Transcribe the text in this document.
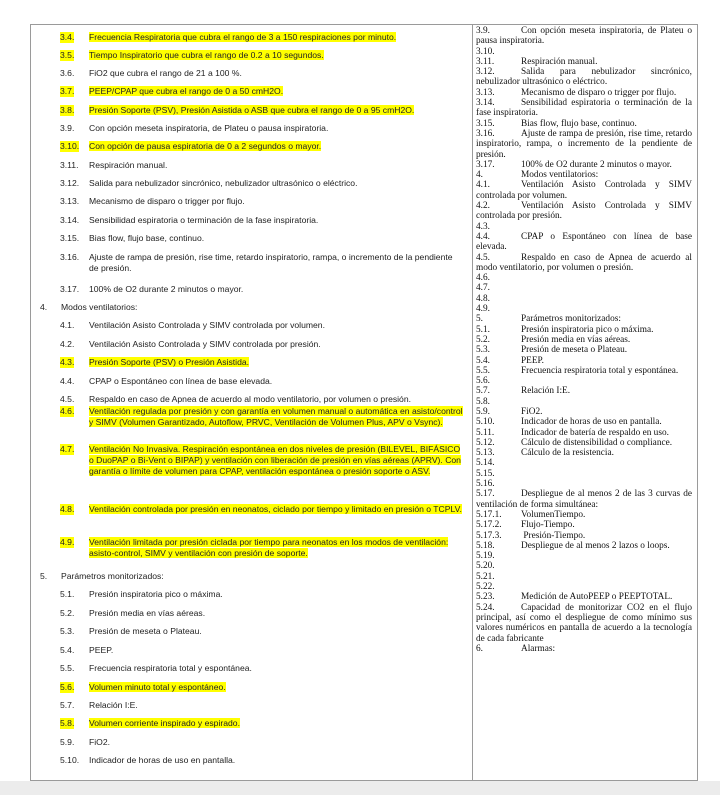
3.4. Frecuencia Respiratoria que cubra el rango de 3 a 150 respiraciones por minuto.
3.5. Tiempo Inspiratorio que cubra el rango de 0.2 a 10 segundos.
3.6. FiO2 que cubra el rango de 21 a 100 %.
3.7. PEEP/CPAP que cubra el rango de 0 a 50 cmH2O.
3.8. Presión Soporte (PSV), Presión Asistida o ASB que cubra el rango de 0 a 95 cmH2O.
3.9. Con opción meseta inspiratoria, de Plateu o pausa inspiratoria.
3.10. Con opción de pausa espiratoria de 0 a 2 segundos o mayor.
3.11. Respiración manual.
3.12. Salida para nebulizador sincrónico, nebulizador ultrasónico o eléctrico.
3.13. Mecanismo de disparo o trigger por flujo.
3.14. Sensibilidad espiratoria o terminación de la fase inspiratoria.
3.15. Bias flow, flujo base, continuo.
3.16. Ajuste de rampa de presión, rise time, retardo inspiratorio, rampa, o incremento de la pendiente de presión.
3.17. 100% de O2 durante 2 minutos o mayor.
4. Modos ventilatorios:
4.1. Ventilación Asisto Controlada y SIMV controlada por volumen.
4.2. Ventilación Asisto Controlada y SIMV controlada por presión.
4.3. Presión Soporte (PSV) o Presión Asistida.
4.4. CPAP o Espontáneo con línea de base elevada.
4.5. Respaldo en caso de Apnea de acuerdo al modo ventilatorio, por volumen o presión.
4.6. Ventilación regulada por presión y con garantía en volumen manual o automática en asisto/control y SIMV (Volumen Garantizado, Autoflow, PRVC, Ventilación de Volumen Plus, APV o Vsync).
4.7. Ventilación No Invasiva. Respiración espontánea en dos niveles de presión (BILEVEL, BIFÁSICO o DuoPAP o Bi-Vent o BIPAP) y ventilación con liberación de presión en vías aéreas (APRV). Con garantía o límite de volumen para CPAP, ventilación espontánea o presión soporte o ASV.
4.8. Ventilación controlada por presión en neonatos, ciclado por tiempo y limitado en presión o TCPLV.
4.9. Ventilación limitada por presión ciclada por tiempo para neonatos en los modos de ventilación: asisto-control, SIMV y ventilación con presión de soporte.
5. Parámetros monitorizados:
5.1. Presión inspiratoria pico o máxima.
5.2. Presión media en vías aéreas.
5.3. Presión de meseta o Plateau.
5.4. PEEP.
5.5. Frecuencia respiratoria total y espontánea.
5.6. Volumen minuto total y espontáneo.
5.7. Relación I:E.
5.8. Volumen corriente inspirado y espirado.
5.9. FiO2.
5.10. Indicador de horas de uso en pantalla.
3.9.	Con opción meseta inspiratoria, de Plateu o pausa inspiratoria.
3.10.
3.11.	Respiración manual.
3.12.	Salida para nebulizador sincrónico, nebulizador ultrasónico o eléctrico.
3.13.	Mecanismo de disparo o trigger por flujo.
3.14.	Sensibilidad espiratoria o terminación de la fase inspiratoria.
3.15.	Bias flow, flujo base, continuo.
3.16.	Ajuste de rampa de presión, rise time, retardo inspiratorio, rampa, o incremento de la pendiente de presión.
3.17.	100% de O2 durante 2 minutos o mayor.
4.	Modos ventilatorios:
4.1.	Ventilación Asisto Controlada y SIMV controlada por volumen.
4.2.	Ventilación Asisto Controlada y SIMV controlada por presión.
4.3.
4.4.	CPAP o Espontáneo con línea de base elevada.
4.5.	Respaldo en caso de Apnea de acuerdo al modo ventilatorio, por volumen o presión.
4.6.
4.7.
4.8.
4.9.
5.	Parámetros monitorizados:
5.1.	Presión inspiratoria pico o máxima.
5.2.	Presión media en vías aéreas.
5.3.	Presión de meseta o Plateau.
5.4.	PEEP.
5.5.	Frecuencia respiratoria total y espontánea.
5.6.
5.7.	Relación I:E.
5.8.
5.9.	FiO2.
5.10.	Indicador de horas de uso en pantalla.
5.11.	Indicador de batería de respaldo en uso.
5.12.	Cálculo de distensibilidad o compliance.
5.13.	Cálculo de la resistencia.
5.14.
5.15.
5.16.
5.17.	Despliegue de al menos 2 de las 3 curvas de ventilación de forma simultánea:
5.17.1. VolumenTiempo.
5.17.2. Flujo-Tiempo.
5.17.3. Presión-Tiempo.
5.18.	Despliegue de al menos 2 lazos o loops.
5.19.
5.20.
5.21.
5.22.
5.23.	Medición de AutoPEEP o PEEPTOTAL.
5.24.	Capacidad de monitorizar CO2 en el flujo principal, así como el despliegue de como mínimo sus valores numéricos en pantalla de acuerdo a la tecnología de cada fabricante
6.	Alarmas:
